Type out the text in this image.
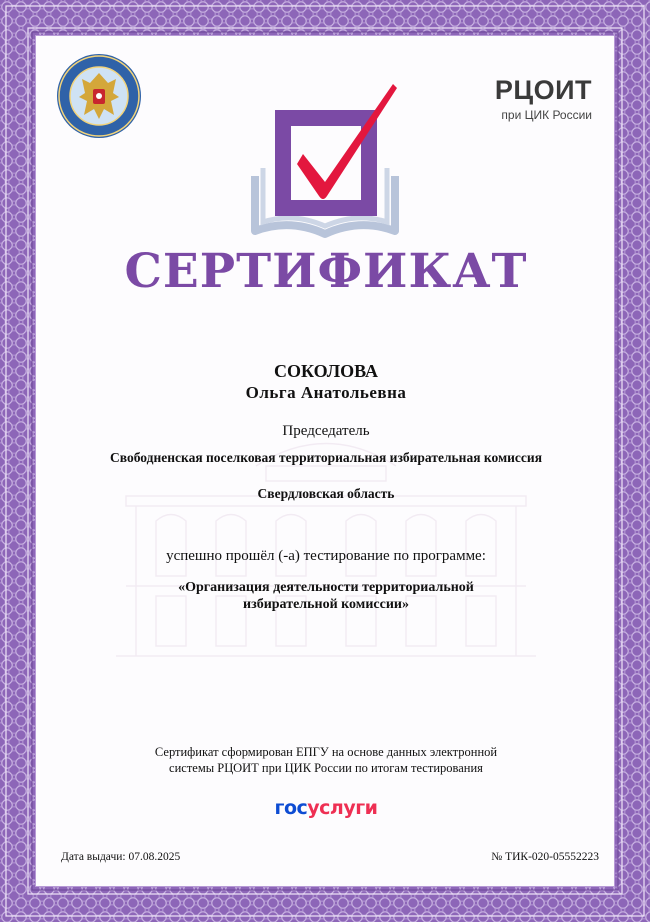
РЦОИТ
при ЦИК России
СЕРТИФИКАТ
СОКОЛОВА
Ольга Анатольевна
Председатель
Свободненская поселковая территориальная избирательная комиссия
Свердловская область
успешно прошёл (-а) тестирование по программе:
«Организация деятельности территориальной
избирательной комиссии»
Сертификат сформирован ЕПГУ на основе данных электронной
системы РЦОИТ при ЦИК России по итогам тестирования
госуслуги
Дата выдачи: 07.08.2025	№ ТИК-020-05552223
